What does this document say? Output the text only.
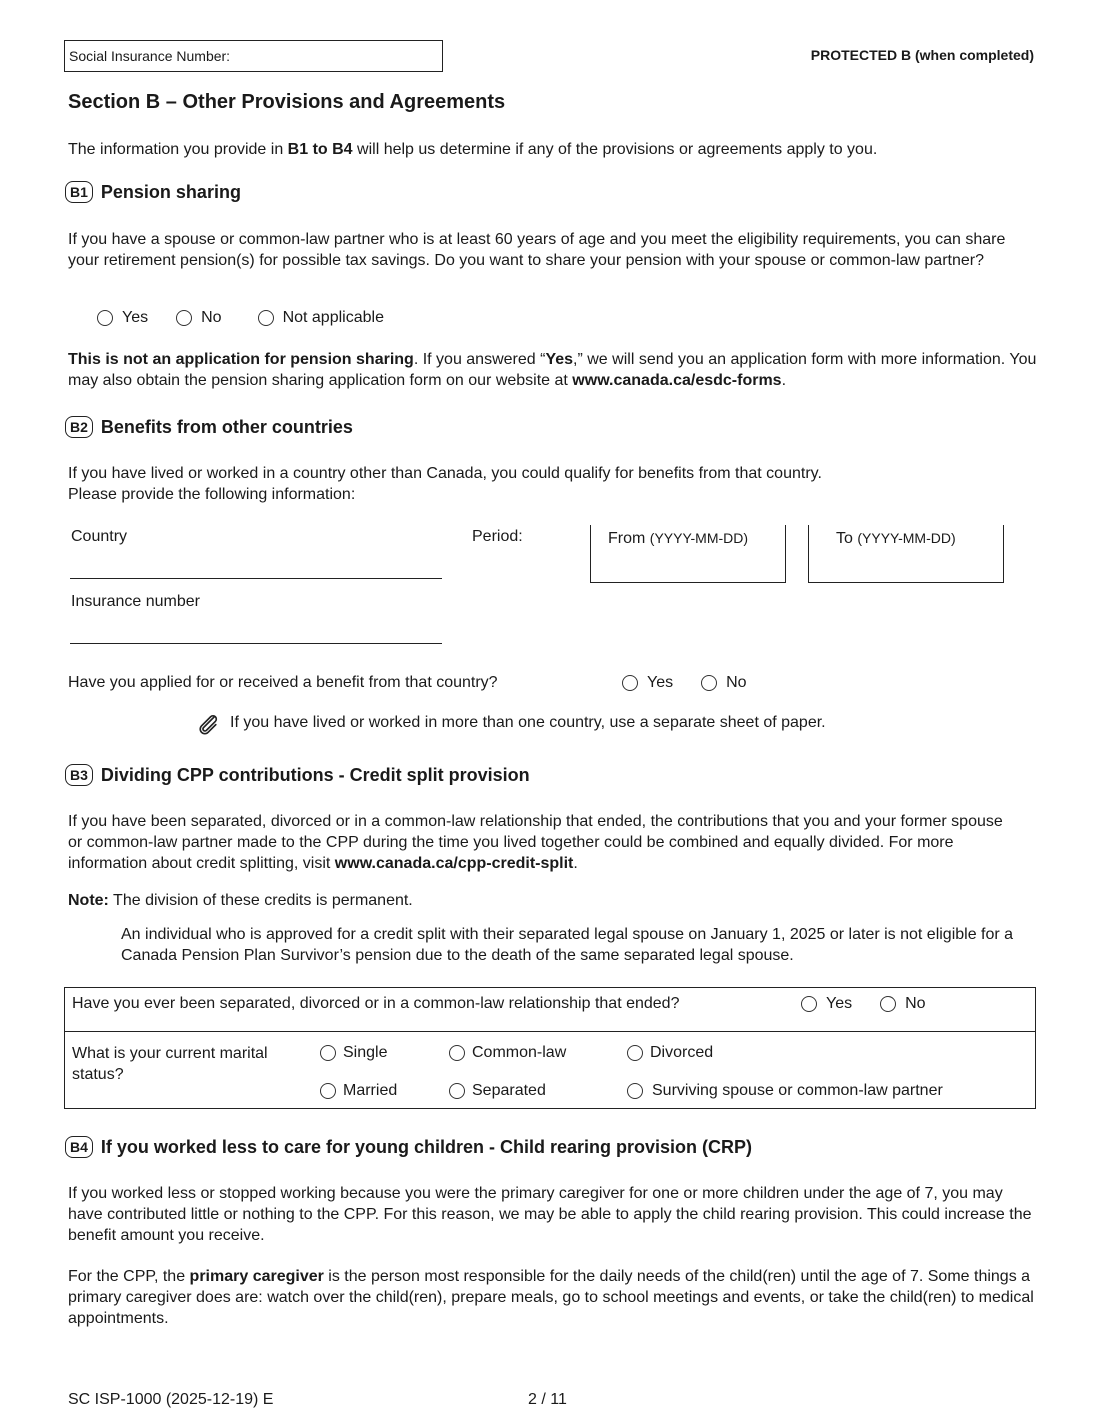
Social Insurance Number:	PROTECTED B (when completed)
Section B – Other Provisions and Agreements
The information you provide in B1 to B4 will help us determine if any of the provisions or agreements apply to you.
B1 Pension sharing
If you have a spouse or common-law partner who is at least 60 years of age and you meet the eligibility requirements, you can share your retirement pension(s) for possible tax savings. Do you want to share your pension with your spouse or common-law partner?
Yes	No	Not applicable
This is not an application for pension sharing. If you answered “Yes,” we will send you an application form with more information. You may also obtain the pension sharing application form on our website at www.canada.ca/esdc-forms.
B2 Benefits from other countries
If you have lived or worked in a country other than Canada, you could qualify for benefits from that country.
Please provide the following information:
Country	Period:	From (YYYY-MM-DD)	To (YYYY-MM-DD)
Insurance number
Have you applied for or received a benefit from that country?	Yes	No
If you have lived or worked in more than one country, use a separate sheet of paper.
B3 Dividing CPP contributions - Credit split provision
If you have been separated, divorced or in a common-law relationship that ended, the contributions that you and your former spouse or common-law partner made to the CPP during the time you lived together could be combined and equally divided. For more information about credit splitting, visit www.canada.ca/cpp-credit-split.
Note: The division of these credits is permanent.
An individual who is approved for a credit split with their separated legal spouse on January 1, 2025 or later is not eligible for a Canada Pension Plan Survivor’s pension due to the death of the same separated legal spouse.
Have you ever been separated, divorced or in a common-law relationship that ended?	Yes	No
What is your current marital status?
Single	Common-law	Divorced
Married	Separated	Surviving spouse or common-law partner
B4 If you worked less to care for young children - Child rearing provision (CRP)
If you worked less or stopped working because you were the primary caregiver for one or more children under the age of 7, you may have contributed little or nothing to the CPP. For this reason, we may be able to apply the child rearing provision. This could increase the benefit amount you receive.
For the CPP, the primary caregiver is the person most responsible for the daily needs of the child(ren) until the age of 7. Some things a primary caregiver does are: watch over the child(ren), prepare meals, go to school meetings and events, or take the child(ren) to medical appointments.
SC ISP-1000 (2025-12-19) E	2 / 11
